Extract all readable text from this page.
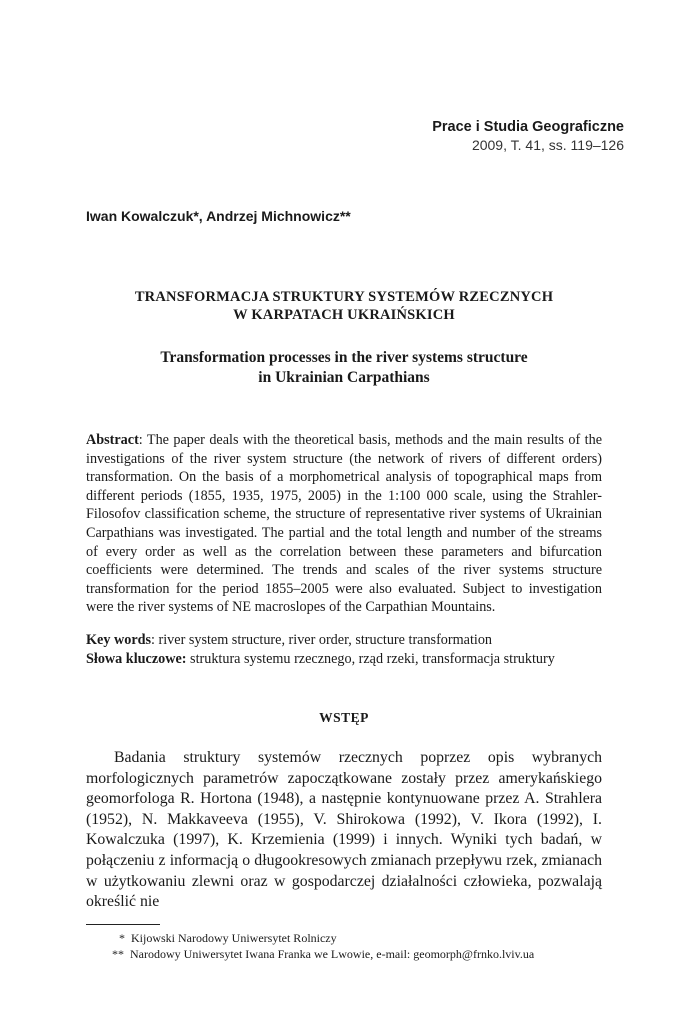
Prace i Studia Geograficzne
2009, T. 41, ss. 119–126
Iwan Kowalczuk*, Andrzej Michnowicz**
TRANSFORMACJA STRUKTURY SYSTEMÓW RZECZNYCH
W KARPATACH UKRAIŃSKICH
Transformation processes in the river systems structure
in Ukrainian Carpathians
Abstract: The paper deals with the theoretical basis, methods and the main results of the investigations of the river system structure (the network of rivers of different orders) transformation. On the basis of a morphometrical analysis of topographical maps from different periods (1855, 1935, 1975, 2005) in the 1:100 000 scale, using the Strahler-Filosofov classification scheme, the structure of representative river systems of Ukrainian Carpathians was investigated. The partial and the total length and number of the streams of every order as well as the correlation between these parameters and bifurcation coefficients were determined. The trends and scales of the river systems structure transformation for the period 1855–2005 were also evaluated. Subject to investigation were the river systems of NE macroslopes of the Carpathian Mountains.
Key words: river system structure, river order, structure transformation
Słowa kluczowe: struktura systemu rzecznego, rząd rzeki, transformacja struktury
WSTĘP
Badania struktury systemów rzecznych poprzez opis wybranych morfologicznych parametrów zapoczątkowane zostały przez amerykańskiego geomorfologa R. Hortona (1948), a następnie kontynuowane przez A. Strahlera (1952), N. Makkaveeva (1955), V. Shirokowa (1992), V. Ikora (1992), I. Kowalczuka (1997), K. Krzemienia (1999) i innych. Wyniki tych badań, w połączeniu z informacją o długookresowych zmianach przepływu rzek, zmianach w użytkowaniu zlewni oraz w gospodarczej działalności człowieka, pozwalają określić nie
* Kijowski Narodowy Uniwersytet Rolniczy
** Narodowy Uniwersytet Iwana Franka we Lwowie, e-mail: geomorph@frnko.lviv.ua
